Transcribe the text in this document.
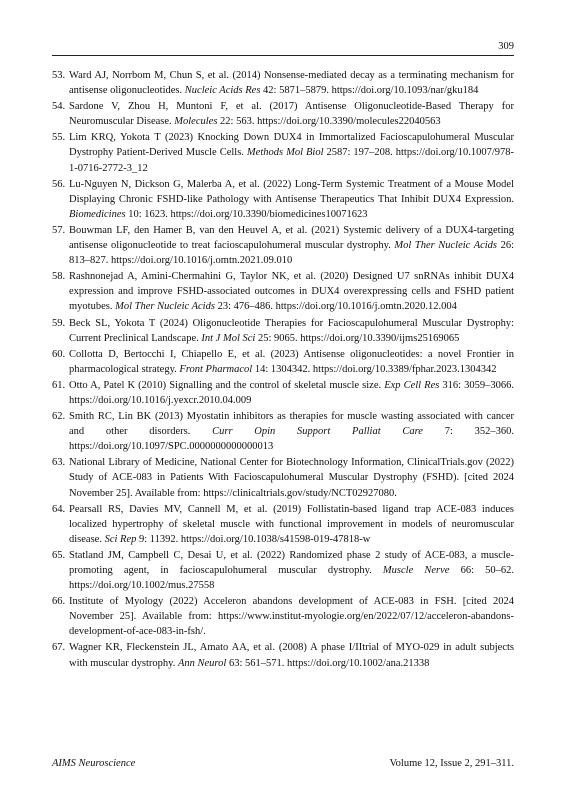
309
53. Ward AJ, Norrbom M, Chun S, et al. (2014) Nonsense-mediated decay as a terminating mechanism for antisense oligonucleotides. Nucleic Acids Res 42: 5871–5879. https://doi.org/10.1093/nar/gku184
54. Sardone V, Zhou H, Muntoni F, et al. (2017) Antisense Oligonucleotide-Based Therapy for Neuromuscular Disease. Molecules 22: 563. https://doi.org/10.3390/molecules22040563
55. Lim KRQ, Yokota T (2023) Knocking Down DUX4 in Immortalized Facioscapulohumeral Muscular Dystrophy Patient-Derived Muscle Cells. Methods Mol Biol 2587: 197–208. https://doi.org/10.1007/978-1-0716-2772-3_12
56. Lu-Nguyen N, Dickson G, Malerba A, et al. (2022) Long-Term Systemic Treatment of a Mouse Model Displaying Chronic FSHD-like Pathology with Antisense Therapeutics That Inhibit DUX4 Expression. Biomedicines 10: 1623. https://doi.org/10.3390/biomedicines10071623
57. Bouwman LF, den Hamer B, van den Heuvel A, et al. (2021) Systemic delivery of a DUX4-targeting antisense oligonucleotide to treat facioscapulohumeral muscular dystrophy. Mol Ther Nucleic Acids 26: 813–827. https://doi.org/10.1016/j.omtn.2021.09.010
58. Rashnonejad A, Amini-Chermahini G, Taylor NK, et al. (2020) Designed U7 snRNAs inhibit DUX4 expression and improve FSHD-associated outcomes in DUX4 overexpressing cells and FSHD patient myotubes. Mol Ther Nucleic Acids 23: 476–486. https://doi.org/10.1016/j.omtn.2020.12.004
59. Beck SL, Yokota T (2024) Oligonucleotide Therapies for Facioscapulohumeral Muscular Dystrophy: Current Preclinical Landscape. Int J Mol Sci 25: 9065. https://doi.org/10.3390/ijms25169065
60. Collotta D, Bertocchi I, Chiapello E, et al. (2023) Antisense oligonucleotides: a novel Frontier in pharmacological strategy. Front Pharmacol 14: 1304342. https://doi.org/10.3389/fphar.2023.1304342
61. Otto A, Patel K (2010) Signalling and the control of skeletal muscle size. Exp Cell Res 316: 3059–3066. https://doi.org/10.1016/j.yexcr.2010.04.009
62. Smith RC, Lin BK (2013) Myostatin inhibitors as therapies for muscle wasting associated with cancer and other disorders. Curr Opin Support Palliat Care 7: 352–360. https://doi.org/10.1097/SPC.0000000000000013
63. National Library of Medicine, National Center for Biotechnology Information, ClinicalTrials.gov (2022) Study of ACE-083 in Patients With Facioscapulohumeral Muscular Dystrophy (FSHD). [cited 2024 November 25]. Available from: https://clinicaltrials.gov/study/NCT02927080.
64. Pearsall RS, Davies MV, Cannell M, et al. (2019) Follistatin-based ligand trap ACE-083 induces localized hypertrophy of skeletal muscle with functional improvement in models of neuromuscular disease. Sci Rep 9: 11392. https://doi.org/10.1038/s41598-019-47818-w
65. Statland JM, Campbell C, Desai U, et al. (2022) Randomized phase 2 study of ACE-083, a muscle-promoting agent, in facioscapulohumeral muscular dystrophy. Muscle Nerve 66: 50–62. https://doi.org/10.1002/mus.27558
66. Institute of Myology (2022) Acceleron abandons development of ACE-083 in FSH. [cited 2024 November 25]. Available from: https://www.institut-myologie.org/en/2022/07/12/acceleron-abandons-development-of-ace-083-in-fsh/.
67. Wagner KR, Fleckenstein JL, Amato AA, et al. (2008) A phase I/IItrial of MYO-029 in adult subjects with muscular dystrophy. Ann Neurol 63: 561–571. https://doi.org/10.1002/ana.21338
AIMS Neuroscience	Volume 12, Issue 2, 291–311.
